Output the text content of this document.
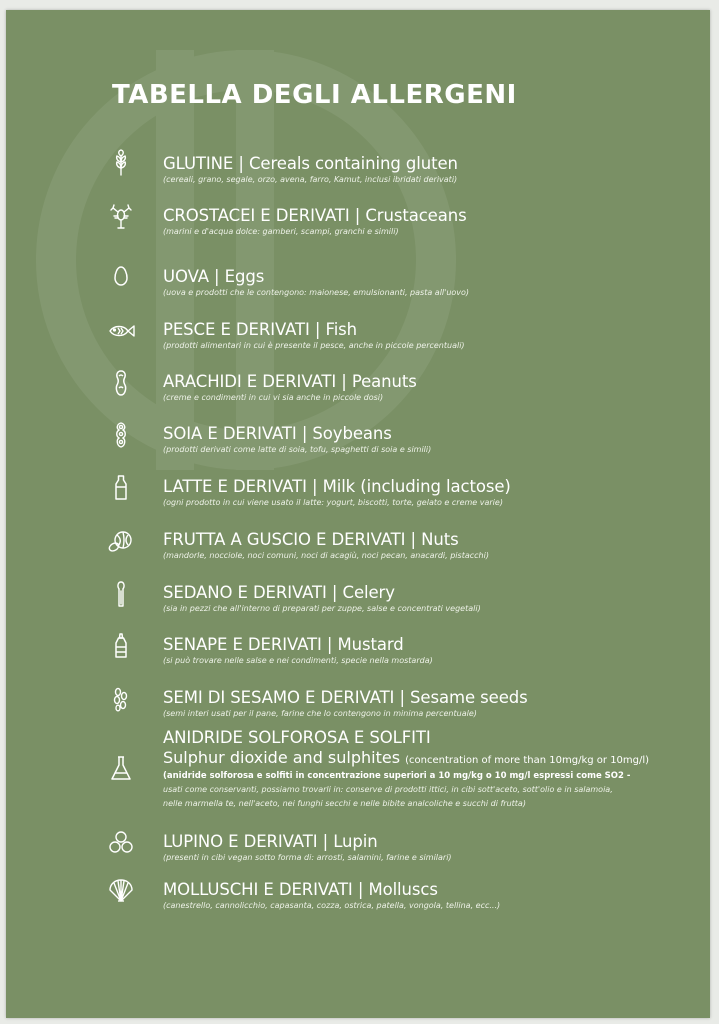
TABELLA DEGLI ALLERGENI
GLUTINE | Cereals containing gluten
(cereali, grano, segale, orzo, avena, farro, Kamut, inclusi ibridati derivati)
CROSTACEI E DERIVATI | Crustaceans
(marini e d'acqua dolce: gamberi, scampi, granchi e simili)
UOVA | Eggs
(uova e prodotti che le contengono: maionese, emulsionanti, pasta all'uovo)
PESCE E DERIVATI | Fish
(prodotti alimentari in cui è presente il pesce, anche in piccole percentuali)
ARACHIDI E DERIVATI | Peanuts
(creme e condimenti in cui vi sia anche in piccole dosi)
SOIA E DERIVATI | Soybeans
(prodotti derivati come latte di soia, tofu, spaghetti di soia e simili)
LATTE E DERIVATI | Milk (including lactose)
(ogni prodotto in cui viene usato il latte: yogurt, biscotti, torte, gelato e creme varie)
FRUTTA A GUSCIO E DERIVATI | Nuts
(mandorle, nocciole, noci comuni, noci di acagiù, noci pecan, anacardi, pistacchi)
SEDANO E DERIVATI | Celery
(sia in pezzi che all'interno di preparati per zuppe, salse e concentrati vegetali)
SENAPE E DERIVATI | Mustard
(si può trovare nelle salse e nei condimenti, specie nella mostarda)
SEMI DI SESAMO E DERIVATI | Sesame seeds
(semi interi usati per il pane, farine che lo contengono in minima percentuale)
ANIDRIDE SOLFOROSA E SOLFITI
Sulphur dioxide and sulphites (concentration of more than 10mg/kg or 10mg/l)
(anidride solforosa e solfiti in concentrazione superiori a 10 mg/kg o 10 mg/l espressi come SO2 -
usati come conservanti, possiamo trovarli in: conserve di prodotti ittici, in cibi sott'aceto, sott'olio e in salamoia,
nelle marmella te, nell'aceto, nei funghi secchi e nelle bibite analcoliche e succhi di frutta)
LUPINO E DERIVATI | Lupin
(presenti in cibi vegan sotto forma di: arrosti, salamini, farine e similari)
MOLLUSCHI E DERIVATI | Molluscs
(canestrello, cannolicchio, capasanta, cozza, ostrica, patella, vongola, tellina, ecc...)
